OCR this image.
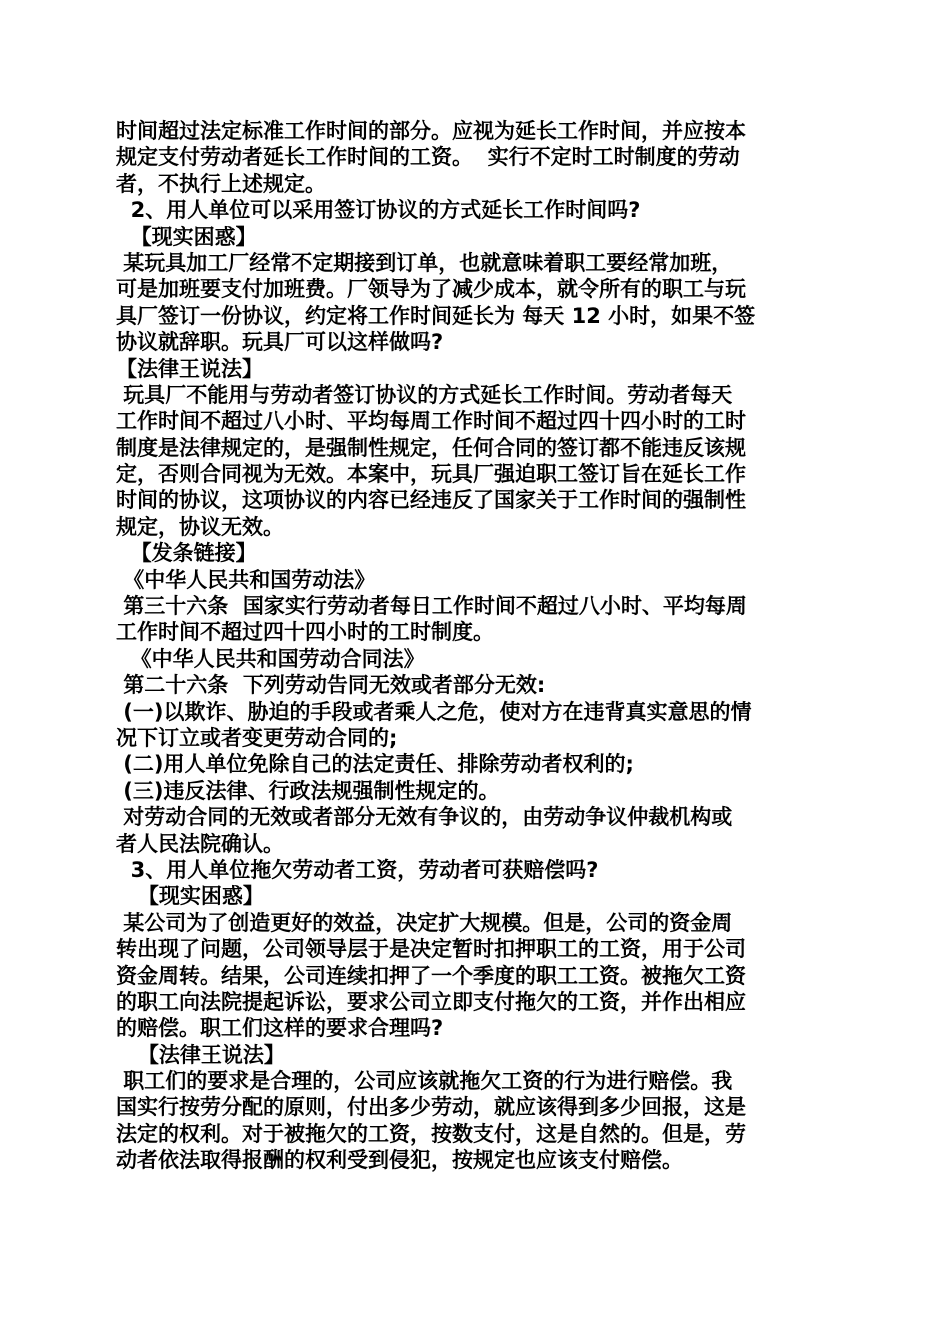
时间超过法定标准工作时间的部分。应视为延长工作时间，并应按本
规定支付劳动者延长工作时间的工资。  实行不定时工时制度的劳动
者，不执行上述规定。
2、用人单位可以采用签订协议的方式延长工作时间吗?
【现实困惑】
某玩具加工厂经常不定期接到订单，也就意味着职工要经常加班，
可是加班要支付加班费。厂领导为了减少成本，就令所有的职工与玩
具厂签订一份协议，约定将工作时间延长为 每天 12 小时，如果不签
协议就辞职。玩具厂可以这样做吗?
【法律王说法】
玩具厂不能用与劳动者签订协议的方式延长工作时间。劳动者每天
工作时间不超过八小时、平均每周工作时间不超过四十四小时的工时
制度是法律规定的，是强制性规定，任何合同的签订都不能违反该规
定，否则合同视为无效。本案中，玩具厂强迫职工签订旨在延长工作
时间的协议，这项协议的内容已经违反了国家关于工作时间的强制性
规定，协议无效。
【发条链接】
《中华人民共和国劳动法》
第三十六条  国家实行劳动者每日工作时间不超过八小时、平均每周
工作时间不超过四十四小时的工时制度。
《中华人民共和国劳动合同法》
第二十六条  下列劳动告同无效或者部分无效:
(一)以欺诈、胁迫的手段或者乘人之危，使对方在违背真实意思的情
况下订立或者变更劳动合同的;
(二)用人单位免除自己的法定责任、排除劳动者权利的;
(三)违反法律、行政法规强制性规定的。
对劳动合同的无效或者部分无效有争议的，由劳动争议仲裁机构或
者人民法院确认。
3、用人单位拖欠劳动者工资，劳动者可获赔偿吗?
【现实困惑】
某公司为了创造更好的效益，决定扩大规模。但是，公司的资金周
转出现了问题，公司领导层于是决定暂时扣押职工的工资，用于公司
资金周转。结果，公司连续扣押了一个季度的职工工资。被拖欠工资
的职工向法院提起诉讼，要求公司立即支付拖欠的工资，并作出相应
的赔偿。职工们这样的要求合理吗?
【法律王说法】
职工们的要求是合理的，公司应该就拖欠工资的行为进行赔偿。我
国实行按劳分配的原则，付出多少劳动，就应该得到多少回报，这是
法定的权利。对于被拖欠的工资，按数支付，这是自然的。但是，劳
动者依法取得报酬的权利受到侵犯，按规定也应该支付赔偿。
